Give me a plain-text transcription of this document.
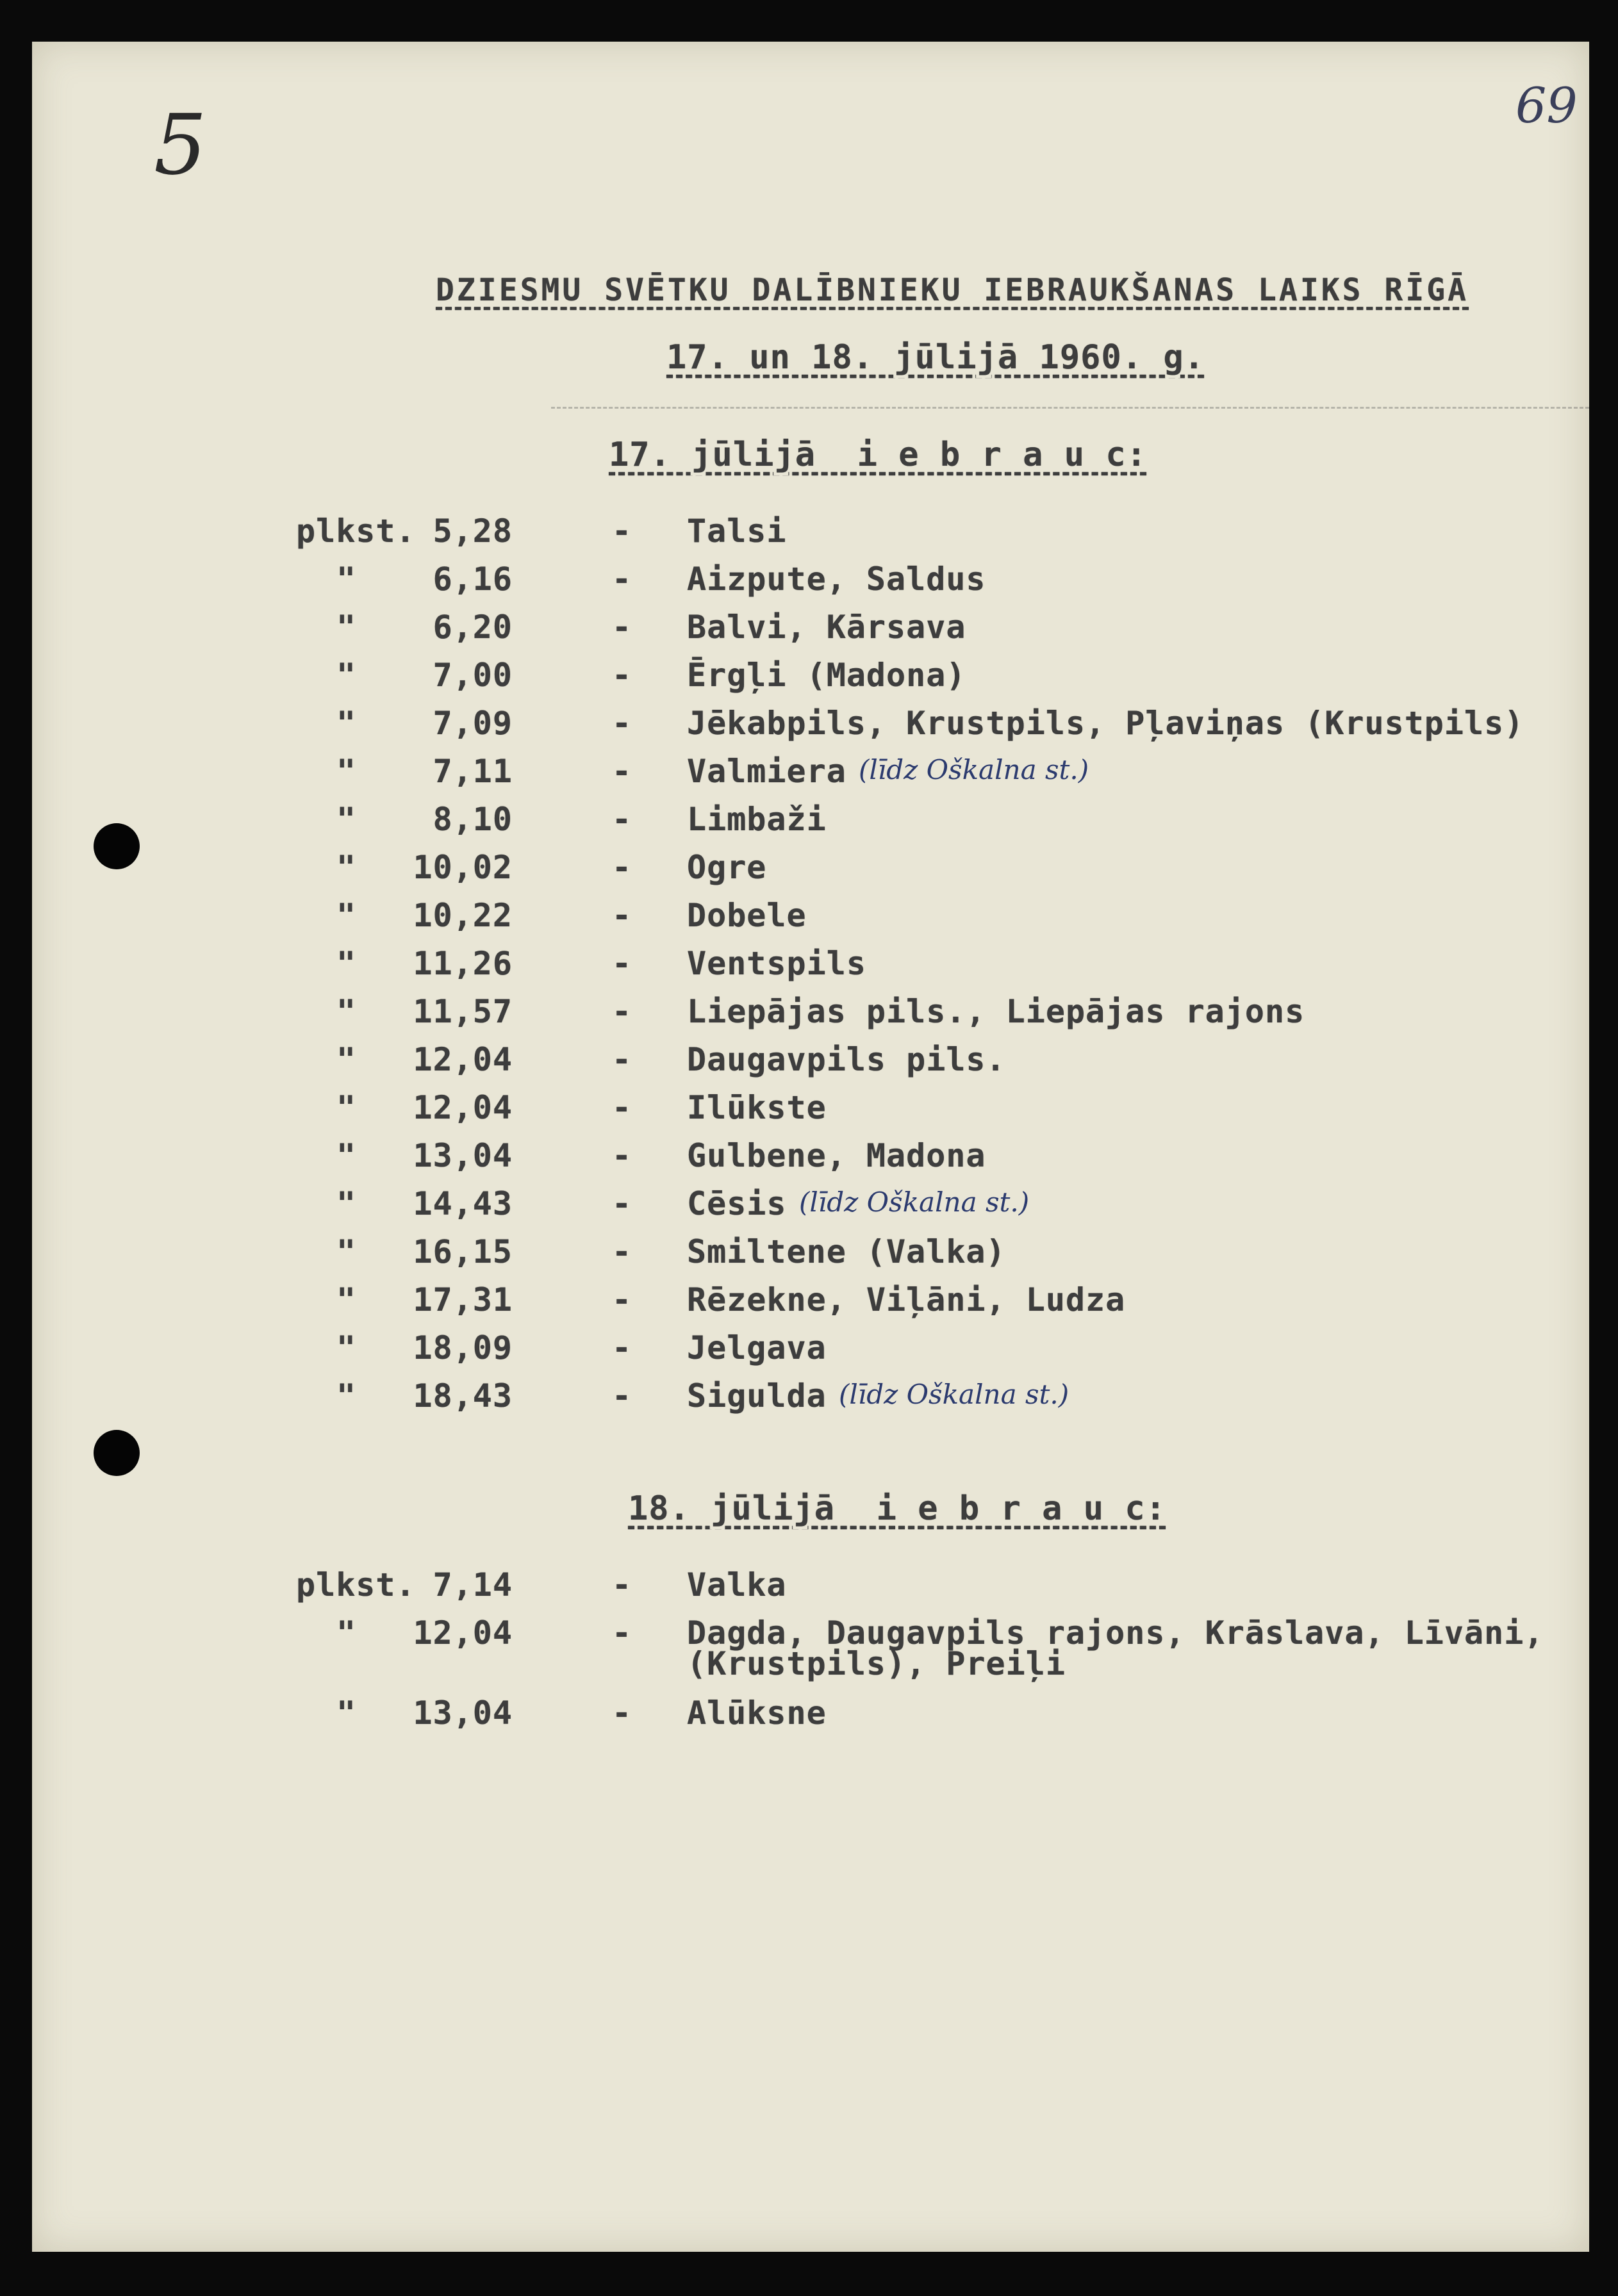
5	69
DZIESMU SVĒTKU DALĪBNIEKU IEBRAUKŠANAS LAIKS RĪGĀ
17. un 18. jūlijā 1960. g.
17. jūlijā  i e b r a u c:
plkst. 5,28	- Talsi
" 6,16	- Aizpute, Saldus
" 6,20	- Balvi, Kārsava
" 7,00	- Ērgļi (Madona)
" 7,09	- Jēkabpils, Krustpils, Pļaviņas (Krustpils)
" 7,11	- Valmiera (līdz Oškalna st.)
" 8,10	- Limbaži
" 10,02	- Ogre
" 10,22	- Dobele
" 11,26	- Ventspils
" 11,57	- Liepājas pils., Liepājas rajons
" 12,04	- Daugavpils pils.
" 12,04	- Ilūkste
" 13,04	- Gulbene, Madona
" 14,43	- Cēsis (līdz Oškalna st.)
" 16,15	- Smiltene (Valka)
" 17,31	- Rēzekne, Viļāni, Ludza
" 18,09	- Jelgava
" 18,43	- Sigulda (līdz Oškalna st.)
18. jūlijā  i e b r a u c:
plkst. 7,14	- Valka
" 12,04	- Dagda, Daugavpils rajons, Krāslava, Līvāni,
(Krustpils), Preiļi
" 13,04	- Alūksne
